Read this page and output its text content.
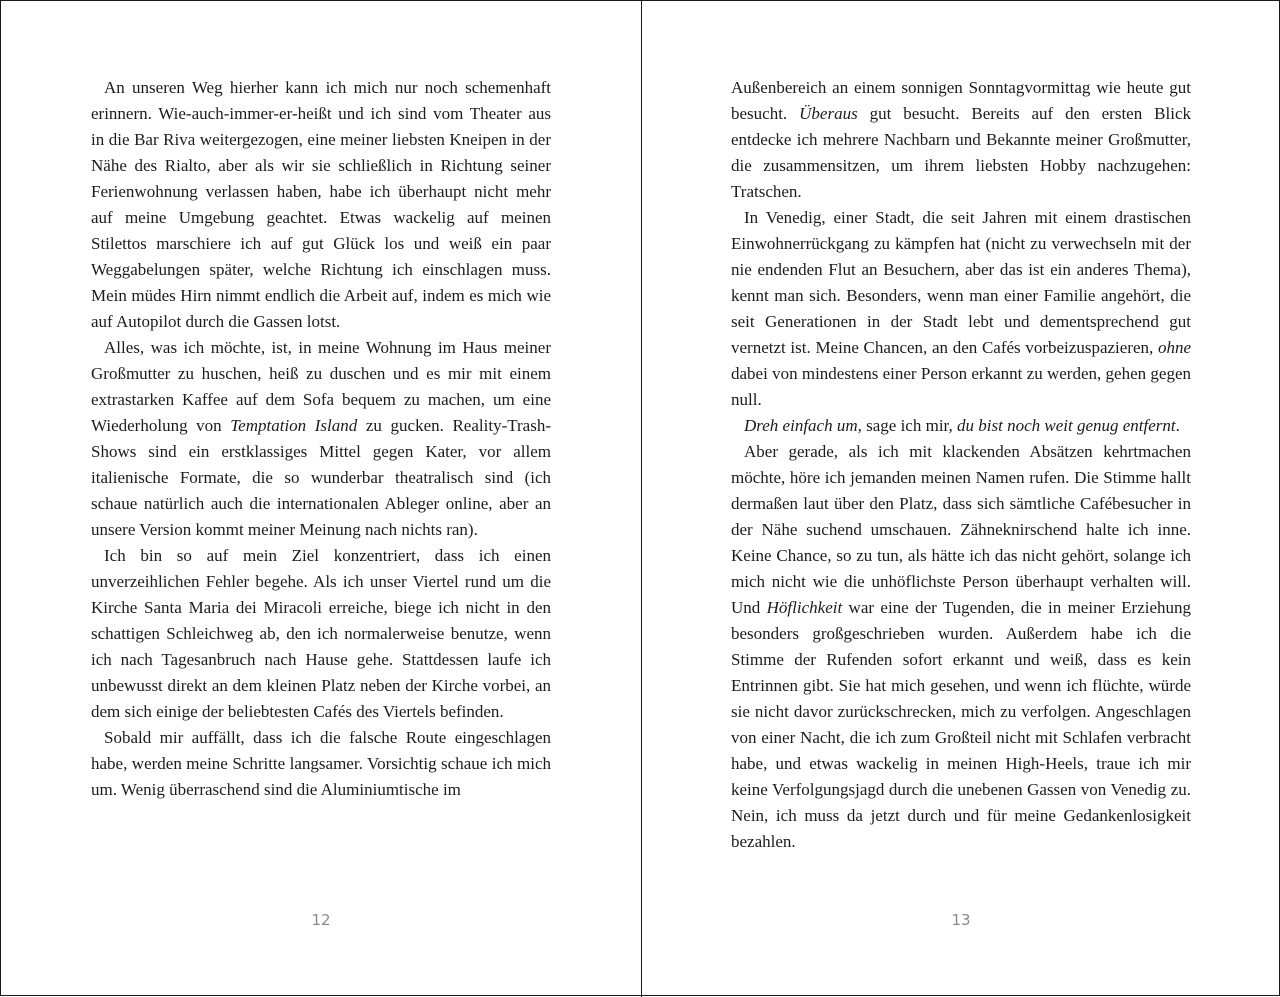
An unseren Weg hierher kann ich mich nur noch schemenhaft erinnern. Wie-auch-immer-er-heißt und ich sind vom Theater aus in die Bar Riva weitergezogen, eine meiner liebsten Kneipen in der Nähe des Rialto, aber als wir sie schließlich in Richtung seiner Ferienwohnung verlassen haben, habe ich überhaupt nicht mehr auf meine Umgebung geachtet. Etwas wackelig auf meinen Stilettos marschiere ich auf gut Glück los und weiß ein paar Weggabelungen später, welche Richtung ich einschlagen muss. Mein müdes Hirn nimmt endlich die Arbeit auf, indem es mich wie auf Autopilot durch die Gassen lotst.

Alles, was ich möchte, ist, in meine Wohnung im Haus meiner Großmutter zu huschen, heiß zu duschen und es mir mit einem extrastarken Kaffee auf dem Sofa bequem zu machen, um eine Wiederholung von Temptation Island zu gucken. Reality-Trash-Shows sind ein erstklassiges Mittel gegen Kater, vor allem italienische Formate, die so wunderbar theatralisch sind (ich schaue natürlich auch die internationalen Ableger online, aber an unsere Version kommt meiner Meinung nach nichts ran).

Ich bin so auf mein Ziel konzentriert, dass ich einen unverzeihlichen Fehler begehe. Als ich unser Viertel rund um die Kirche Santa Maria dei Miracoli erreiche, biege ich nicht in den schattigen Schleichweg ab, den ich normalerweise benutze, wenn ich nach Tagesanbruch nach Hause gehe. Stattdessen laufe ich unbewusst direkt an dem kleinen Platz neben der Kirche vorbei, an dem sich einige der beliebtesten Cafés des Viertels befinden.

Sobald mir auffällt, dass ich die falsche Route eingeschlagen habe, werden meine Schritte langsamer. Vorsichtig schaue ich mich um. Wenig überraschend sind die Aluminiumtische im

12

Außenbereich an einem sonnigen Sonntagvormittag wie heute gut besucht. Überaus gut besucht. Bereits auf den ersten Blick entdecke ich mehrere Nachbarn und Bekannte meiner Großmutter, die zusammensitzen, um ihrem liebsten Hobby nachzugehen: Tratschen.

In Venedig, einer Stadt, die seit Jahren mit einem drastischen Einwohnerrückgang zu kämpfen hat (nicht zu verwechseln mit der nie endenden Flut an Besuchern, aber das ist ein anderes Thema), kennt man sich. Besonders, wenn man einer Familie angehört, die seit Generationen in der Stadt lebt und dementsprechend gut vernetzt ist. Meine Chancen, an den Cafés vorbeizuspazieren, ohne dabei von mindestens einer Person erkannt zu werden, gehen gegen null.

Dreh einfach um, sage ich mir, du bist noch weit genug entfernt.

Aber gerade, als ich mit klackenden Absätzen kehrtmachen möchte, höre ich jemanden meinen Namen rufen. Die Stimme hallt dermaßen laut über den Platz, dass sich sämtliche Cafébesucher in der Nähe suchend umschauen. Zähneknirschend halte ich inne. Keine Chance, so zu tun, als hätte ich das nicht gehört, solange ich mich nicht wie die unhöflichste Person überhaupt verhalten will. Und Höflichkeit war eine der Tugenden, die in meiner Erziehung besonders großgeschrieben wurden. Außerdem habe ich die Stimme der Rufenden sofort erkannt und weiß, dass es kein Entrinnen gibt. Sie hat mich gesehen, und wenn ich flüchte, würde sie nicht davor zurückschrecken, mich zu verfolgen. Angeschlagen von einer Nacht, die ich zum Großteil nicht mit Schlafen verbracht habe, und etwas wackelig in meinen High-Heels, traue ich mir keine Verfolgungsjagd durch die unebenen Gassen von Venedig zu. Nein, ich muss da jetzt durch und für meine Gedankenlosigkeit bezahlen.

13
